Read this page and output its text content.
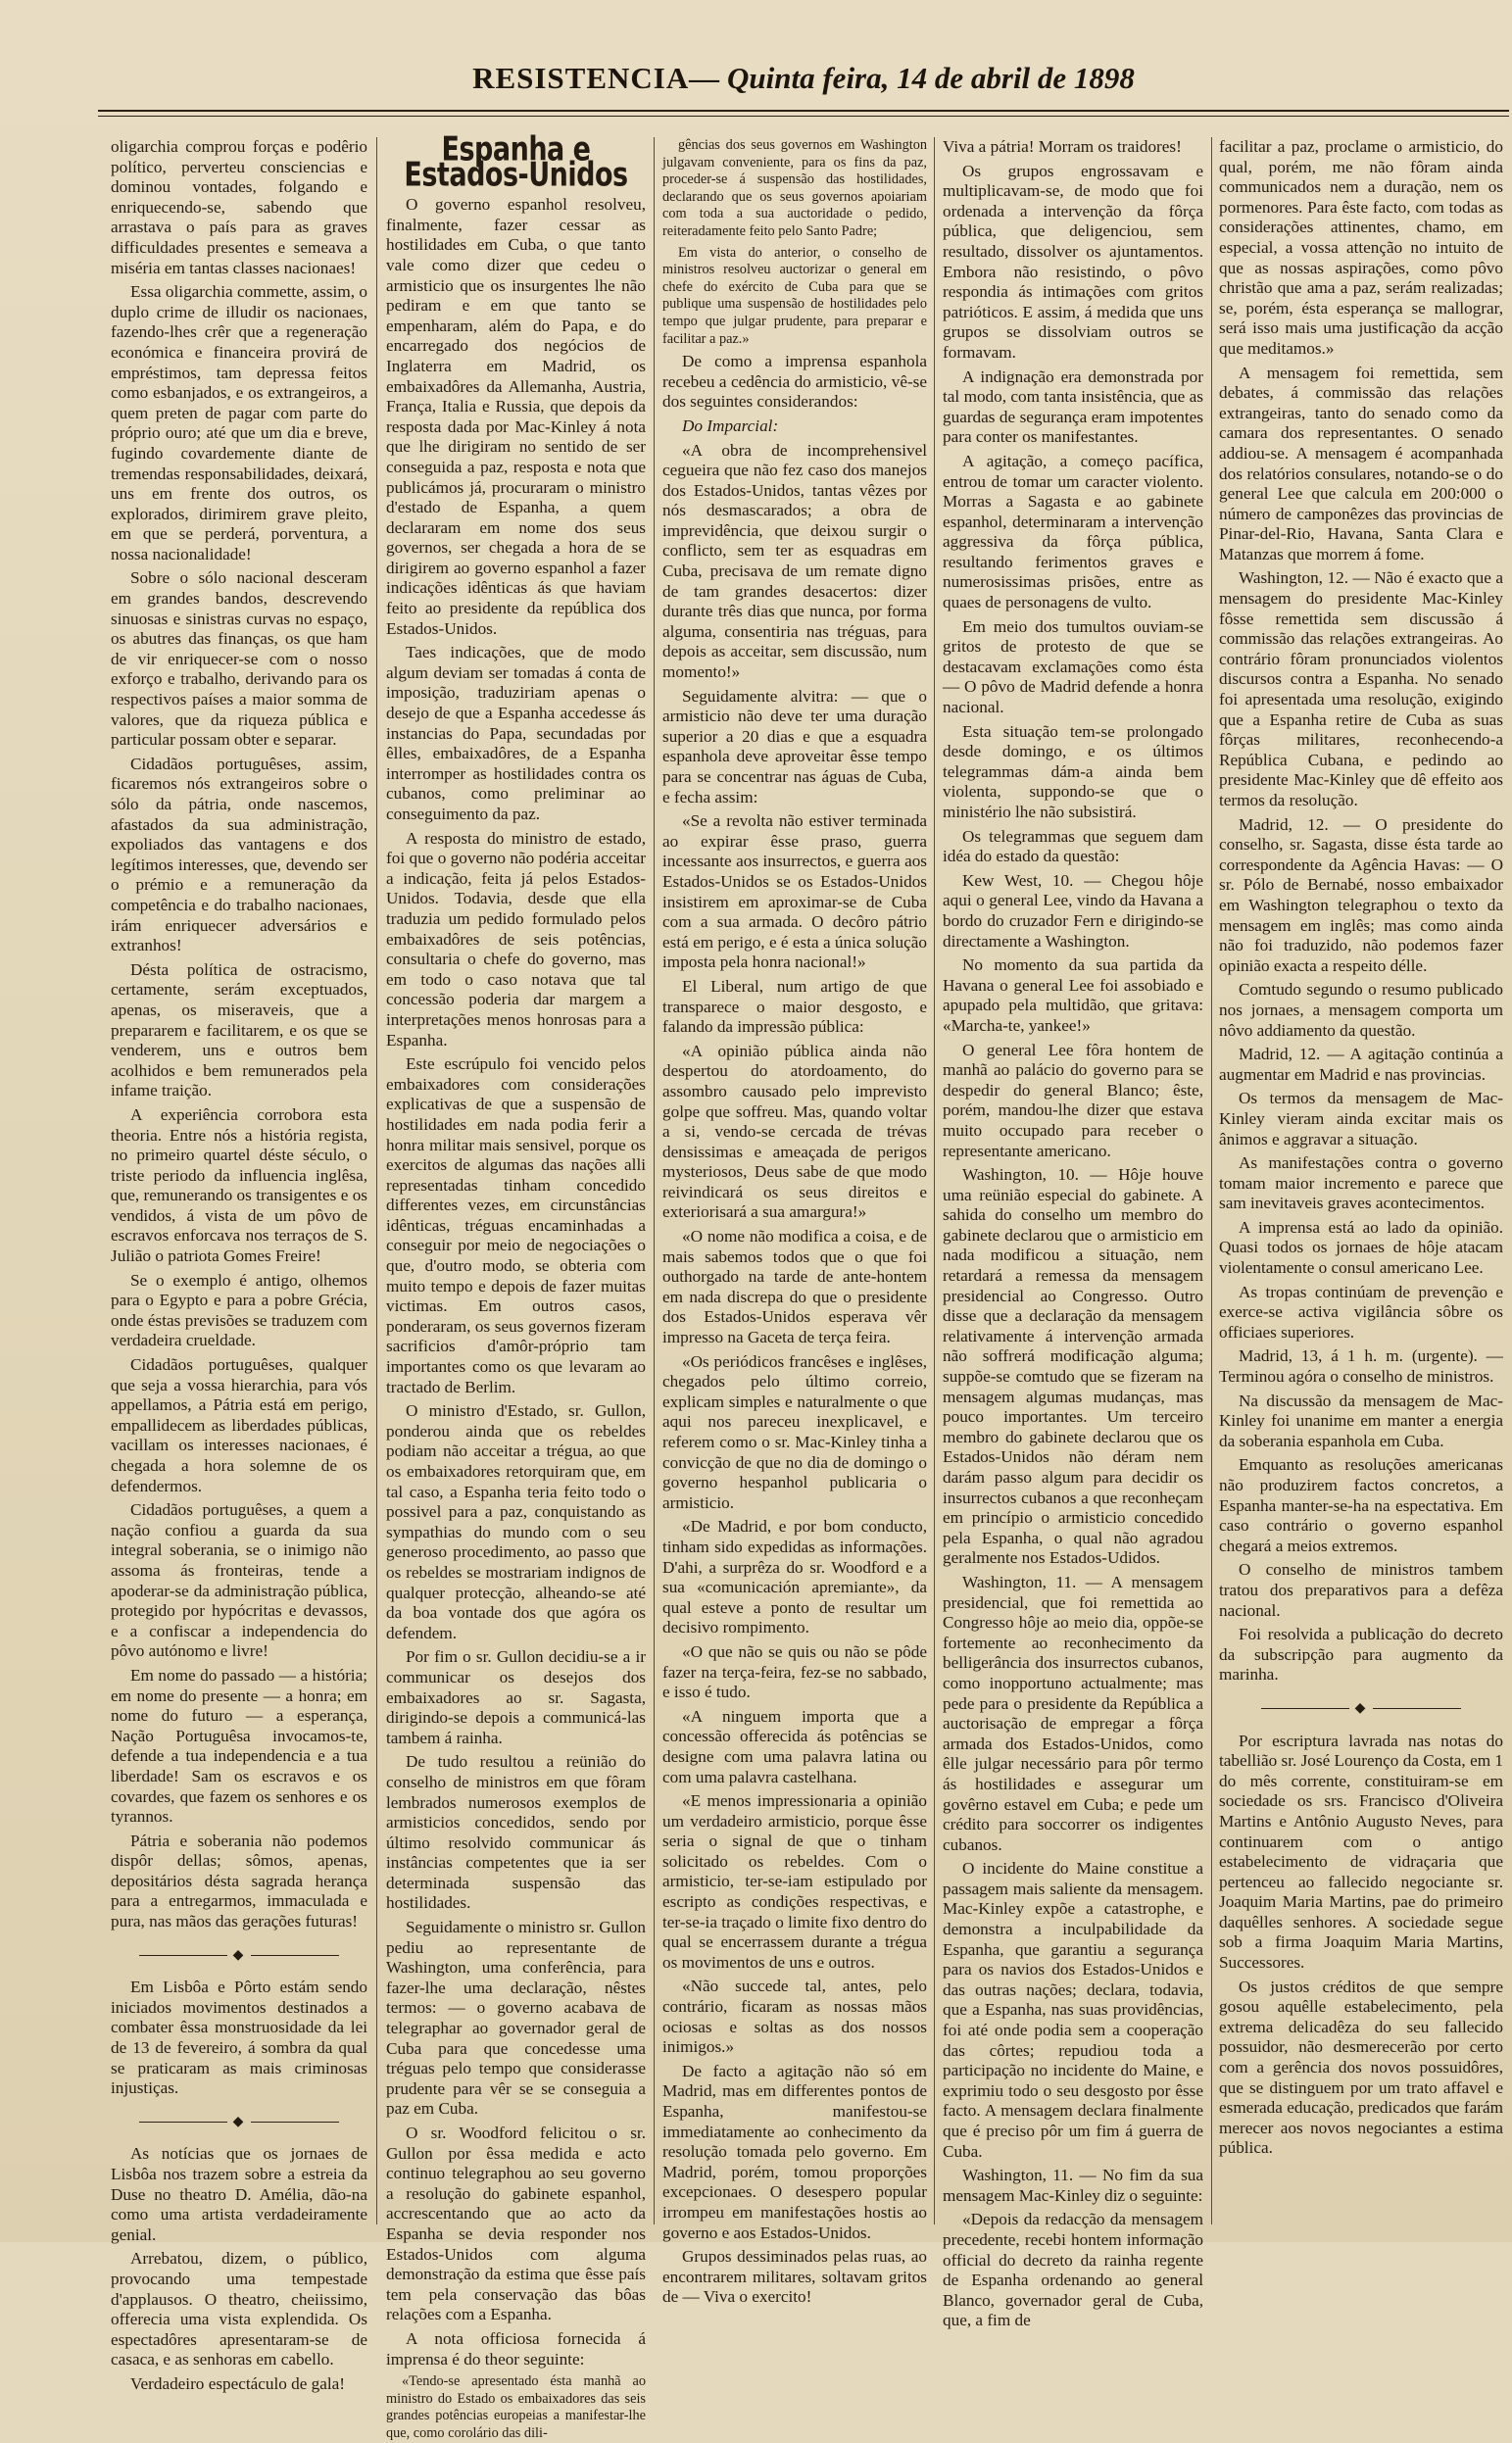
RESISTENCIA— Quinta feira, 14 de abril de 1898

oligarchia comprou forças e podêrio político, perverteu consciencias e dominou vontades, folgando e enriquecendo-se, sabendo que arrastava o país para as graves difficuldades presentes e semeava a miséria em tantas classes nacionaes!

Essa oligarchia commette, assim, o duplo crime de illudir os nacionaes, fazendo-lhes crêr que a regeneração económica e financeira provirá de empréstimos, tam depressa feitos como esbanjados, e os extrangeiros, a quem preten de pagar com parte do próprio ouro; até que um dia e breve, fugindo covardemente diante de tremendas responsabilidades, deixará, uns em frente dos outros, os explorados, dirimirem grave pleito, em que se perderá, porventura, a nossa nacionalidade!

Sobre o sólo nacional desceram em grandes bandos, descrevendo sinuosas e sinistras curvas no espaço, os abutres das finanças, os que ham de vir enriquecer-se com o nosso exforço e trabalho, derivando para os respectivos países a maior somma de valores, que da riqueza pública e particular possam obter e separar.

Cidadãos portuguêses, assim, ficaremos nós extrangeiros sobre o sólo da pátria, onde nascemos, afastados da sua administração, expoliados das vantagens e dos legítimos interesses, que, devendo ser o prémio e a remuneração da competência e do trabalho nacionaes, irám enriquecer adversários e extranhos!

Désta política de ostracismo, certamente, serám exceptuados, apenas, os miseraveis, que a prepararem e facilitarem, e os que se venderem, uns e outros bem acolhidos e bem remunerados pela infame traição.

A experiência corrobora esta theoria. Entre nós a história regista, no primeiro quartel déste século, o triste periodo da influencia inglêsa, que, remunerando os transigentes e os vendidos, á vista de um pôvo de escravos enforcava nos terraços de S. Julião o patriota Gomes Freire!

Se o exemplo é antigo, olhemos para o Egypto e para a pobre Grécia, onde éstas previsões se traduzem com verdadeira crueldade.

Cidadãos portuguêses, qualquer que seja a vossa hierarchia, para vós appellamos, a Pátria está em perigo, empallidecem as liberdades públicas, vacillam os interesses nacionaes, é chegada a hora solemne de os defendermos.

Cidadãos portuguêses, a quem a nação confiou a guarda da sua integral soberania, se o inimigo não assoma ás fronteiras, tende a apoderar-se da administração pública, protegido por hypócritas e devassos, e a confiscar a independencia do pôvo autónomo e livre!

Em nome do passado — a história; em nome do presente — a honra; em nome do futuro — a esperança, Nação Portuguêsa invocamos-te, defende a tua independencia e a tua liberdade! Sam os escravos e os covardes, que fazem os senhores e os tyrannos.

Pátria e soberania não podemos dispôr dellas; sômos, apenas, depositários désta sagrada herança para a entregarmos, immaculada e pura, nas mãos das gerações futuras!

◆

Em Lisbôa e Pôrto estám sendo iniciados movimentos destinados a combater êssa monstruosidade da lei de 13 de fevereiro, á sombra da qual se praticaram as mais criminosas injustiças.

◆

As notícias que os jornaes de Lisbôa nos trazem sobre a estreia da Duse no theatro D. Amélia, dão-na como uma artista verdadeiramente genial.

Arrebatou, dizem, o público, provocando uma tempestade d'applausos. O theatro, cheiissimo, offerecia uma vista explendida. Os espectadôres apresentaram-se de casaca, e as senhoras em cabello.

Verdadeiro espectáculo de gala!

Espanha e Estados-Unidos

O governo espanhol resolveu, finalmente, fazer cessar as hostilidades em Cuba, o que tanto vale como dizer que cedeu o armisticio que os insurgentes lhe não pediram e em que tanto se empenharam, além do Papa, e do encarregado dos negócios de Inglaterra em Madrid, os embaixadôres da Allemanha, Austria, França, Italia e Russia, que depois da resposta dada por Mac-Kinley á nota que lhe dirigiram no sentido de ser conseguida a paz, resposta e nota que publicámos já, procuraram o ministro d'estado de Espanha, a quem declararam em nome dos seus governos, ser chegada a hora de se dirigirem ao governo espanhol a fazer indicações idênticas ás que haviam feito ao presidente da república dos Estados-Unidos.

Taes indicações, que de modo algum deviam ser tomadas á conta de imposição, traduziriam apenas o desejo de que a Espanha accedesse ás instancias do Papa, secundadas por êlles, embaixadôres, de a Espanha interromper as hostilidades contra os cubanos, como preliminar ao conseguimento da paz.

A resposta do ministro de estado, foi que o governo não podéria acceitar a indicação, feita já pelos Estados-Unidos. Todavia, desde que ella traduzia um pedido formulado pelos embaixadôres de seis potências, consultaria o chefe do governo, mas em todo o caso notava que tal concessão poderia dar margem a interpretações menos honrosas para a Espanha.

Este escrúpulo foi vencido pelos embaixadores com considerações explicativas de que a suspensão de hostilidades em nada podia ferir a honra militar mais sensivel, porque os exercitos de algumas das nações alli representadas tinham concedido differentes vezes, em circunstâncias idênticas, tréguas encaminhadas a conseguir por meio de negociações o que, d'outro modo, se obteria com muito tempo e depois de fazer muitas victimas. Em outros casos, ponderaram, os seus governos fizeram sacrificios d'amôr-próprio tam importantes como os que levaram ao tractado de Berlim.

O ministro d'Estado, sr. Gullon, ponderou ainda que os rebeldes podiam não acceitar a trégua, ao que os embaixadores retorquiram que, em tal caso, a Espanha teria feito todo o possivel para a paz, conquistando as sympathias do mundo com o seu generoso procedimento, ao passo que os rebeldes se mostrariam indignos de qualquer protecção, alheando-se até da boa vontade dos que agóra os defendem.

Por fim o sr. Gullon decidiu-se a ir communicar os desejos dos embaixadores ao sr. Sagasta, dirigindo-se depois a communicá-las tambem á rainha.

De tudo resultou a reünião do conselho de ministros em que fôram lembrados numerosos exemplos de armisticios concedidos, sendo por último resolvido communicar ás instâncias competentes que ia ser determinada suspensão das hostilidades.

Seguidamente o ministro sr. Gullon pediu ao representante de Washington, uma conferência, para fazer-lhe uma declaração, nêstes termos: — o governo acabava de telegraphar ao governador geral de Cuba para que concedesse uma tréguas pelo tempo que considerasse prudente para vêr se se conseguia a paz em Cuba.

O sr. Woodford felicitou o sr. Gullon por êssa medida e acto continuo telegraphou ao seu governo a resolução do gabinete espanhol, accrescentando que ao acto da Espanha se devia responder nos Estados-Unidos com alguma demonstração da estima que êsse país tem pela conservação das bôas relações com a Espanha.

A nota officiosa fornecida á imprensa é do theor seguinte:

«Tendo-se apresentado ésta manhã ao ministro do Estado os embaixadores das seis grandes potências europeias a manifestar-lhe que, como corolário das dili-

gências dos seus governos em Washington julgavam conveniente, para os fins da paz, proceder-se á suspensão das hostilidades, declarando que os seus governos apoiariam com toda a sua auctoridade o pedido, reiteradamente feito pelo Santo Padre;

Em vista do anterior, o conselho de ministros resolveu auctorizar o general em chefe do exército de Cuba para que se publique uma suspensão de hostilidades pelo tempo que julgar prudente, para preparar e facilitar a paz.»

De como a imprensa espanhola recebeu a cedência do armisticio, vê-se dos seguintes considerandos:

Do Imparcial:

«A obra de incomprehensivel cegueira que não fez caso dos manejos dos Estados-Unidos, tantas vêzes por nós desmascarados; a obra de imprevidência, que deixou surgir o conflicto, sem ter as esquadras em Cuba, precisava de um remate digno de tam grandes desacertos: dizer durante três dias que nunca, por forma alguma, consentiria nas tréguas, para depois as acceitar, sem discussão, num momento!»

Seguidamente alvitra: — que o armisticio não deve ter uma duração superior a 20 dias e que a esquadra espanhola deve aproveitar êsse tempo para se concentrar nas águas de Cuba, e fecha assim:

«Se a revolta não estiver terminada ao expirar êsse praso, guerra incessante aos insurrectos, e guerra aos Estados-Unidos se os Estados-Unidos insistirem em aproximar-se de Cuba com a sua armada. O decôro pátrio está em perigo, e é esta a única solução imposta pela honra nacional!»

El Liberal, num artigo de que transparece o maior desgosto, e falando da impressão pública:

«A opinião pública ainda não despertou do atordoamento, do assombro causado pelo imprevisto golpe que soffreu. Mas, quando voltar a si, vendo-se cercada de trévas densissimas e ameaçada de perigos mysteriosos, Deus sabe de que modo reivindicará os seus direitos e exteriorisará a sua amargura!»

«O nome não modifica a coisa, e de mais sabemos todos que o que foi outhorgado na tarde de ante-hontem em nada discrepa do que o presidente dos Estados-Unidos esperava vêr impresso na Gaceta de terça feira.

«Os periódicos francêses e inglêses, chegados pelo último correio, explicam simples e naturalmente o que aqui nos pareceu inexplicavel, e referem como o sr. Mac-Kinley tinha a convicção de que no dia de domingo o governo hespanhol publicaria o armisticio.

«De Madrid, e por bom conducto, tinham sido expedidas as informações. D'ahi, a surprêza do sr. Woodford e a sua «comunicación apremiante», da qual esteve a ponto de resultar um decisivo rompimento.

«O que não se quis ou não se pôde fazer na terça-feira, fez-se no sabbado, e isso é tudo.

«A ninguem importa que a concessão offerecida ás potências se designe com uma palavra latina ou com uma palavra castelhana.

«E menos impressionaria a opinião um verdadeiro armisticio, porque êsse seria o signal de que o tinham solicitado os rebeldes. Com o armisticio, ter-se-iam estipulado por escripto as condições respectivas, e ter-se-ia traçado o limite fixo dentro do qual se encerrassem durante a trégua os movimentos de uns e outros.

«Não succede tal, antes, pelo contrário, ficaram as nossas mãos ociosas e soltas as dos nossos inimigos.»

De facto a agitação não só em Madrid, mas em differentes pontos de Espanha, manifestou-se immediatamente ao conhecimento da resolução tomada pelo governo. Em Madrid, porém, tomou proporções excepcionaes. O desespero popular irrompeu em manifestações hostis ao governo e aos Estados-Unidos.

Grupos dessiminados pelas ruas, ao encontrarem militares, soltavam gritos de — Viva o exercito!

Viva a pátria! Morram os traidores!

Os grupos engrossavam e multiplicavam-se, de modo que foi ordenada a intervenção da fôrça pública, que deligenciou, sem resultado, dissolver os ajuntamentos. Embora não resistindo, o pôvo respondia ás intimações com gritos patrióticos. E assim, á medida que uns grupos se dissolviam outros se formavam.

A indignação era demonstrada por tal modo, com tanta insistência, que as guardas de segurança eram impotentes para conter os manifestantes.

A agitação, a começo pacífica, entrou de tomar um caracter violento. Morras a Sagasta e ao gabinete espanhol, determinaram a intervenção aggressiva da fôrça pública, resultando ferimentos graves e numerosissimas prisões, entre as quaes de personagens de vulto.

Em meio dos tumultos ouviam-se gritos de protesto de que se destacavam exclamações como ésta — O pôvo de Madrid defende a honra nacional.

Esta situação tem-se prolongado desde domingo, e os últimos telegrammas dám-a ainda bem violenta, suppondo-se que o ministério lhe não subsistirá.

Os telegrammas que seguem dam idéa do estado da questão:

Kew West, 10. — Chegou hôje aqui o general Lee, vindo da Havana a bordo do cruzador Fern e dirigindo-se directamente a Washington.

No momento da sua partida da Havana o general Lee foi assobiado e apupado pela multidão, que gritava: «Marcha-te, yankee!»

O general Lee fôra hontem de manhã ao palácio do governo para se despedir do general Blanco; êste, porém, mandou-lhe dizer que estava muito occupado para receber o representante americano.

Washington, 10. — Hôje houve uma reünião especial do gabinete. A sahida do conselho um membro do gabinete declarou que o armisticio em nada modificou a situação, nem retardará a remessa da mensagem presidencial ao Congresso. Outro disse que a declaração da mensagem relativamente á intervenção armada não soffrerá modificação alguma; suppõe-se comtudo que se fizeram na mensagem algumas mudanças, mas pouco importantes. Um terceiro membro do gabinete declarou que os Estados-Unidos não déram nem darám passo algum para decidir os insurrectos cubanos a que reconheçam em princípio o armisticio concedido pela Espanha, o qual não agradou geralmente nos Estados-Udidos.

Washington, 11. — A mensagem presidencial, que foi remettida ao Congresso hôje ao meio dia, oppõe-se fortemente ao reconhecimento da belligerância dos insurrectos cubanos, como inopportuno actualmente; mas pede para o presidente da República a auctorisação de empregar a fôrça armada dos Estados-Unidos, como êlle julgar necessário para pôr termo ás hostilidades e assegurar um govêrno estavel em Cuba; e pede um crédito para soccorrer os indigentes cubanos.

O incidente do Maine constitue a passagem mais saliente da mensagem. Mac-Kinley expõe a catastrophe, e demonstra a inculpabilidade da Espanha, que garantiu a segurança para os navios dos Estados-Unidos e das outras nações; declara, todavia, que a Espanha, nas suas providências, foi até onde podia sem a cooperação das côrtes; repudiou toda a participação no incidente do Maine, e exprimiu todo o seu desgosto por êsse facto. A mensagem declara finalmente que é preciso pôr um fim á guerra de Cuba.

Washington, 11. — No fim da sua mensagem Mac-Kinley diz o seguinte:

«Depois da redacção da mensagem precedente, recebi hontem informação official do decreto da rainha regente de Espanha ordenando ao general Blanco, governador geral de Cuba, que, a fim de

facilitar a paz, proclame o armisticio, do qual, porém, me não fôram ainda communicados nem a duração, nem os pormenores. Para êste facto, com todas as considerações attinentes, chamo, em especial, a vossa attenção no intuito de que as nossas aspirações, como pôvo christão que ama a paz, serám realizadas; se, porém, ésta esperança se mallograr, será isso mais uma justificação da acção que meditamos.»

A mensagem foi remettida, sem debates, á commissão das relações extrangeiras, tanto do senado como da camara dos representantes. O senado addiou-se. A mensagem é acompanhada dos relatórios consulares, notando-se o do general Lee que calcula em 200:000 o número de camponêzes das provincias de Pinar-del-Rio, Havana, Santa Clara e Matanzas que morrem á fome.

Washington, 12. — Não é exacto que a mensagem do presidente Mac-Kinley fôsse remettida sem discussão á commissão das relações extrangeiras. Ao contrário fôram pronunciados violentos discursos contra a Espanha. No senado foi apresentada uma resolução, exigindo que a Espanha retire de Cuba as suas fôrças militares, reconhecendo-a República Cubana, e pedindo ao presidente Mac-Kinley que dê effeito aos termos da resolução.

Madrid, 12. — O presidente do conselho, sr. Sagasta, disse ésta tarde ao correspondente da Agência Havas: — O sr. Pólo de Bernabé, nosso embaixador em Washington telegraphou o texto da mensagem em inglês; mas como ainda não foi traduzido, não podemos fazer opinião exacta a respeito délle.

Comtudo segundo o resumo publicado nos jornaes, a mensagem comporta um nôvo addiamento da questão.

Madrid, 12. — A agitação continúa a augmentar em Madrid e nas provincias.

Os termos da mensagem de Mac-Kinley vieram ainda excitar mais os ânimos e aggravar a situação.

As manifestações contra o governo tomam maior incremento e parece que sam inevitaveis graves acontecimentos.

A imprensa está ao lado da opinião. Quasi todos os jornaes de hôje atacam violentamente o consul americano Lee.

As tropas continúam de prevenção e exerce-se activa vigilância sôbre os officiaes superiores.

Madrid, 13, á 1 h. m. (urgente). — Terminou agóra o conselho de ministros.

Na discussão da mensagem de Mac-Kinley foi unanime em manter a energia da soberania espanhola em Cuba.

Emquanto as resoluções americanas não produzirem factos concretos, a Espanha manter-se-ha na espectativa. Em caso contrário o governo espanhol chegará a meios extremos.

O conselho de ministros tambem tratou dos preparativos para a defêza nacional.

Foi resolvida a publicação do decreto da subscripção para augmento da marinha.

◆

Por escriptura lavrada nas notas do tabellião sr. José Lourenço da Costa, em 1 do mês corrente, constituiram-se em sociedade os srs. Francisco d'Oliveira Martins e Antônio Augusto Neves, para continuarem com o antigo estabelecimento de vidraçaria que pertenceu ao fallecido negociante sr. Joaquim Maria Martins, pae do primeiro daquêlles senhores. A sociedade segue sob a firma Joaquim Maria Martins, Successores.

Os justos créditos de que sempre gosou aquêlle estabelecimento, pela extrema delicadêza do seu fallecido possuidor, não desmerecerão por certo com a gerência dos novos possuidôres, que se distinguem por um trato affavel e esmerada educação, predicados que farám merecer aos novos negociantes a estima pública.
